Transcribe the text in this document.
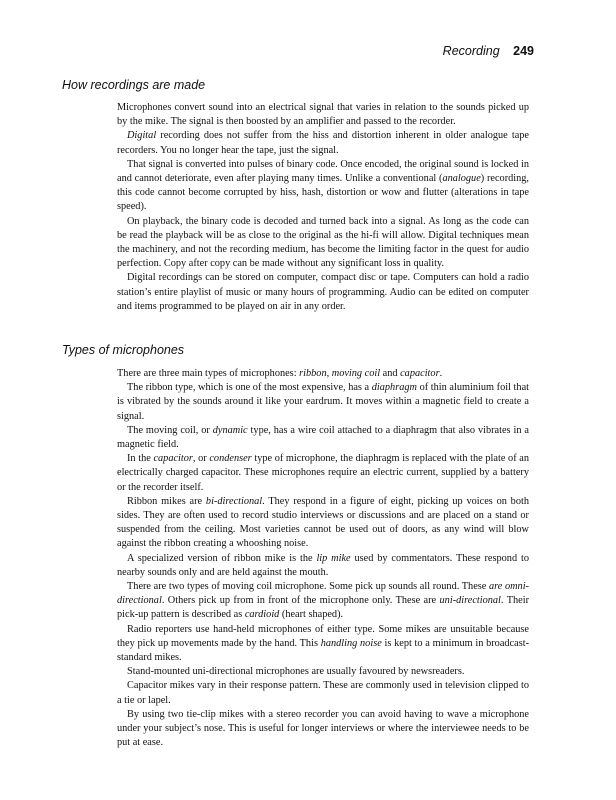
Recording 249
How recordings are made

Microphones convert sound into an electrical signal that varies in relation to the sounds picked up by the mike. The signal is then boosted by an amplifier and passed to the recorder.

Digital recording does not suffer from the hiss and distortion inherent in older analogue tape recorders. You no longer hear the tape, just the signal.

That signal is converted into pulses of binary code. Once encoded, the original sound is locked in and cannot deteriorate, even after playing many times. Unlike a conventional (analogue) recording, this code cannot become corrupted by hiss, hash, distortion or wow and flutter (alterations in tape speed).

On playback, the binary code is decoded and turned back into a signal. As long as the code can be read the playback will be as close to the original as the hi-fi will allow. Digital techniques mean the machinery, and not the recording medium, has become the limiting factor in the quest for audio perfection. Copy after copy can be made without any significant loss in quality.

Digital recordings can be stored on computer, compact disc or tape. Computers can hold a radio station’s entire playlist of music or many hours of programming. Audio can be edited on computer and items programmed to be played on air in any order.

Types of microphones

There are three main types of microphones: ribbon, moving coil and capacitor.

The ribbon type, which is one of the most expensive, has a diaphragm of thin aluminium foil that is vibrated by the sounds around it like your eardrum. It moves within a magnetic field to create a signal.

The moving coil, or dynamic type, has a wire coil attached to a diaphragm that also vibrates in a magnetic field.

In the capacitor, or condenser type of microphone, the diaphragm is replaced with the plate of an electrically charged capacitor. These microphones require an electric current, supplied by a battery or the recorder itself.

Ribbon mikes are bi-directional. They respond in a figure of eight, picking up voices on both sides. They are often used to record studio interviews or discussions and are placed on a stand or suspended from the ceiling. Most varieties cannot be used out of doors, as any wind will blow against the ribbon creating a whooshing noise.

A specialized version of ribbon mike is the lip mike used by commentators. These respond to nearby sounds only and are held against the mouth.

There are two types of moving coil microphone. Some pick up sounds all round. These are omni-directional. Others pick up from in front of the microphone only. These are uni-directional. Their pick-up pattern is described as cardioid (heart shaped).

Radio reporters use hand-held microphones of either type. Some mikes are unsuitable because they pick up movements made by the hand. This handling noise is kept to a minimum in broadcast-standard mikes.

Stand-mounted uni-directional microphones are usually favoured by newsreaders.

Capacitor mikes vary in their response pattern. These are commonly used in television clipped to a tie or lapel.

By using two tie-clip mikes with a stereo recorder you can avoid having to wave a microphone under your subject’s nose. This is useful for longer interviews or where the interviewee needs to be put at ease.
